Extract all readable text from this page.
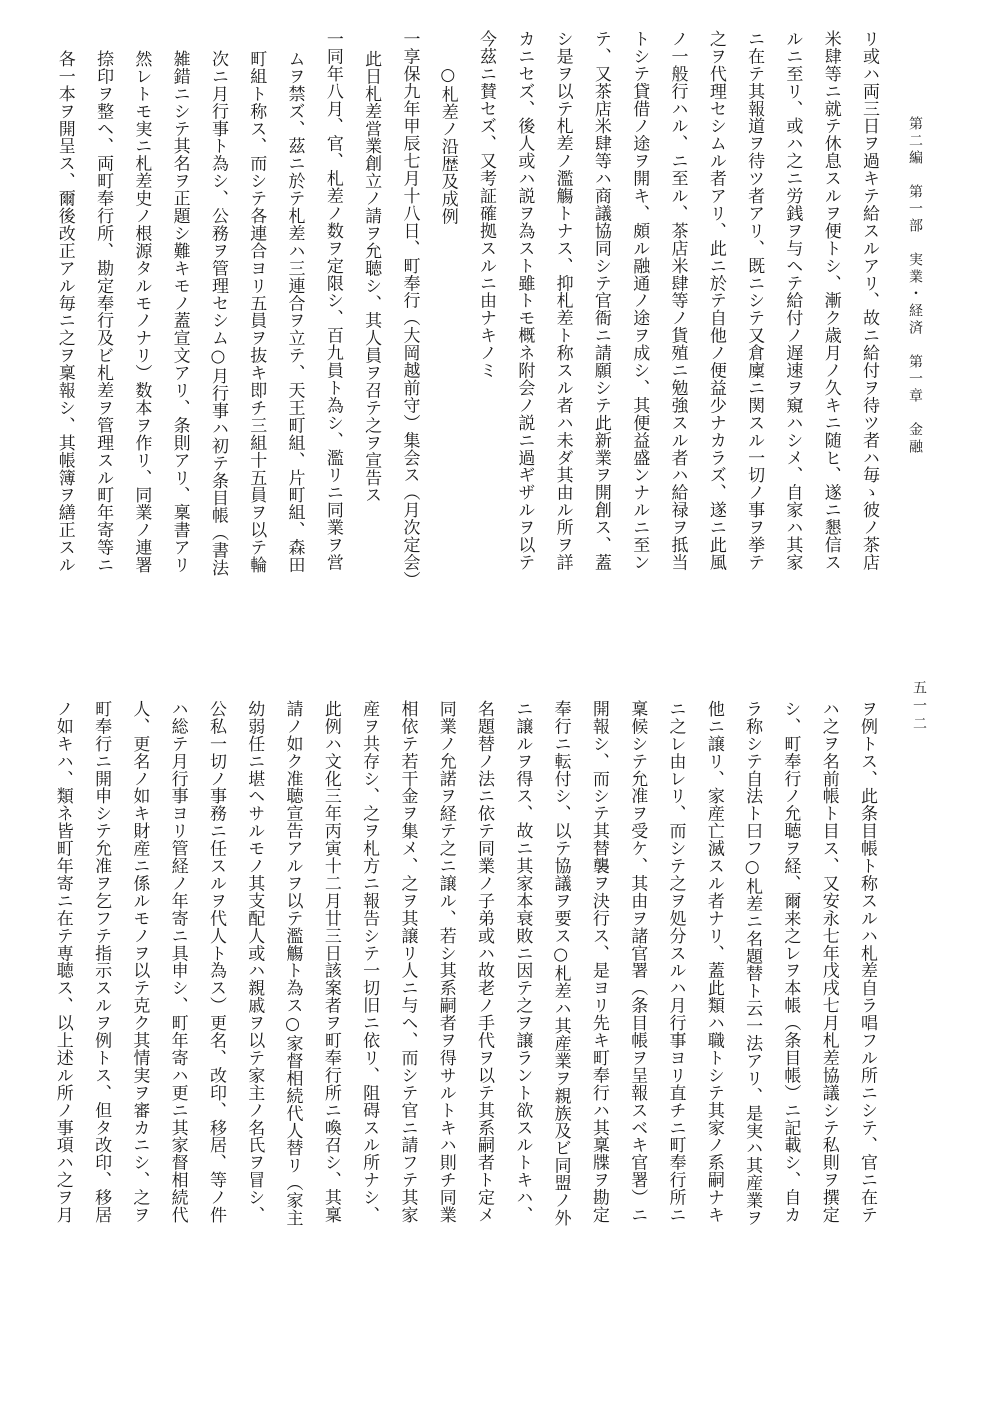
第二編　第一部　実業・経済　第一章　金融
五一二
リ或ハ両三日ヲ過キテ給スルアリ、故ニ給付ヲ待ツ者ハ毎ゝ彼ノ茶店
米肆等ニ就テ休息スルヲ便トシ、漸ク歳月ノ久キニ随ヒ、遂ニ懇信ス
ルニ至リ、或ハ之ニ労銭ヲ与ヘテ給付ノ遅速ヲ窺ハシメ、自家ハ其家
ニ在テ其報道ヲ待ツ者アリ、既ニシテ又倉廩ニ関スル一切ノ事ヲ挙テ
之ヲ代理セシムル者アリ、此ニ於テ自他ノ便益少ナカラズ、遂ニ此風
ノ一般行ハル、ニ至ル、茶店米肆等ノ貨殖ニ勉強スル者ハ給禄ヲ抵当
トシテ貸借ノ途ヲ開キ、頗ル融通ノ途ヲ成シ、其便益盛ンナルニ至ン
テ、又茶店米肆等ハ商議協同シテ官衙ニ請願シテ此新業ヲ開創ス、蓋
シ是ヲ以テ札差ノ濫觴トナス、抑札差ト称スル者ハ未ダ其由ル所ヲ詳
カニセズ、後人或ハ説ヲ為スト雖トモ概ネ附会ノ説ニ過ギザルヲ以テ
今茲ニ賛セズ、又考証確拠スルニ由ナキノミ
　　○札差ノ沿歴及成例
一享保九年甲辰七月十八日、町奉行（大岡越前守）集会ス（月次定会）
此日札差営業創立ノ請ヲ允聴シ、其人員ヲ召テ之ヲ宣告ス
一同年八月、官、札差ノ数ヲ定限シ、百九員ト為シ、濫リニ同業ヲ営
ムヲ禁ズ、茲ニ於テ札差ハ三連合ヲ立テ、天王町組、片町組、森田
町組ト称ス、而シテ各連合ヨリ五員ヲ抜キ即チ三組十五員ヲ以テ輪
次ニ月行事ト為シ、公務ヲ管理セシム○月行事ハ初テ条目帳（書法
雑錯ニシテ其名ヲ正題シ難キモノ蓋宣文アリ、条則アリ、稟書アリ
然レトモ実ニ札差史ノ根源タルモノナリ）数本ヲ作リ、同業ノ連署
捺印ヲ整ヘ、両町奉行所、勘定奉行及ビ札差ヲ管理スル町年寄等ニ
各一本ヲ開呈ス、爾後改正アル毎ニ之ヲ稟報シ、其帳簿ヲ繕正スル
ヲ例トス、此条目帳ト称スルハ札差自ラ唱フル所ニシテ、官ニ在テ
ハ之ヲ名前帳ト目ス、又安永七年戊戌七月札差協議シテ私則ヲ撰定
シ、町奉行ノ允聴ヲ経、爾来之レヲ本帳（条目帳）ニ記載シ、自カ
ラ称シテ自法ト曰フ○札差ニ名題替ト云一法アリ、是実ハ其産業ヲ
他ニ譲リ、家産亡滅スル者ナリ、蓋此類ハ職トシテ其家ノ系嗣ナキ
ニ之レ由レリ、而シテ之ヲ処分スルハ月行事ヨリ直チニ町奉行所ニ
稟候シテ允准ヲ受ケ、其由ヲ諸官署（条目帳ヲ呈報スベキ官署）ニ
開報シ、而シテ其替襲ヲ決行ス、是ヨリ先キ町奉行ハ其稟牒ヲ勘定
奉行ニ転付シ、以テ協議ヲ要ス○札差ハ其産業ヲ親族及ビ同盟ノ外
ニ譲ルヲ得ス、故ニ其家本衰敗ニ因テ之ヲ譲ラント欲スルトキハ、
名題替ノ法ニ依テ同業ノ子弟或ハ故老ノ手代ヲ以テ其系嗣者ト定メ
同業ノ允諾ヲ経テ之ニ譲ル、若シ其系嗣者ヲ得サルトキハ則チ同業
相依テ若干金ヲ集メ、之ヲ其譲リ人ニ与ヘ、而シテ官ニ請フテ其家
産ヲ共存シ、之ヲ札方ニ報告シテ一切旧ニ依リ、阻碍スル所ナシ、
此例ハ文化三年丙寅十二月廿三日該案者ヲ町奉行所ニ喚召シ、其稟
請ノ如ク准聴宣告アルヲ以テ濫觴ト為ス○家督相続代人替リ（家主
幼弱任ニ堪ヘサルモノ其支配人或ハ親戚ヲ以テ家主ノ名氏ヲ冒シ、
公私一切ノ事務ニ任スルヲ代人ト為ス）更名、改印、移居、等ノ件
ハ総テ月行事ヨリ管経ノ年寄ニ具申シ、町年寄ハ更ニ其家督相続代
人、更名ノ如キ財産ニ係ルモノヲ以テ克ク其情実ヲ審カニシ、之ヲ
町奉行ニ開申シテ允准ヲ乞フテ指示スルヲ例トス、但タ改印、移居
ノ如キハ、類ネ皆町年寄ニ在テ専聴ス、以上述ル所ノ事項ハ之ヲ月
